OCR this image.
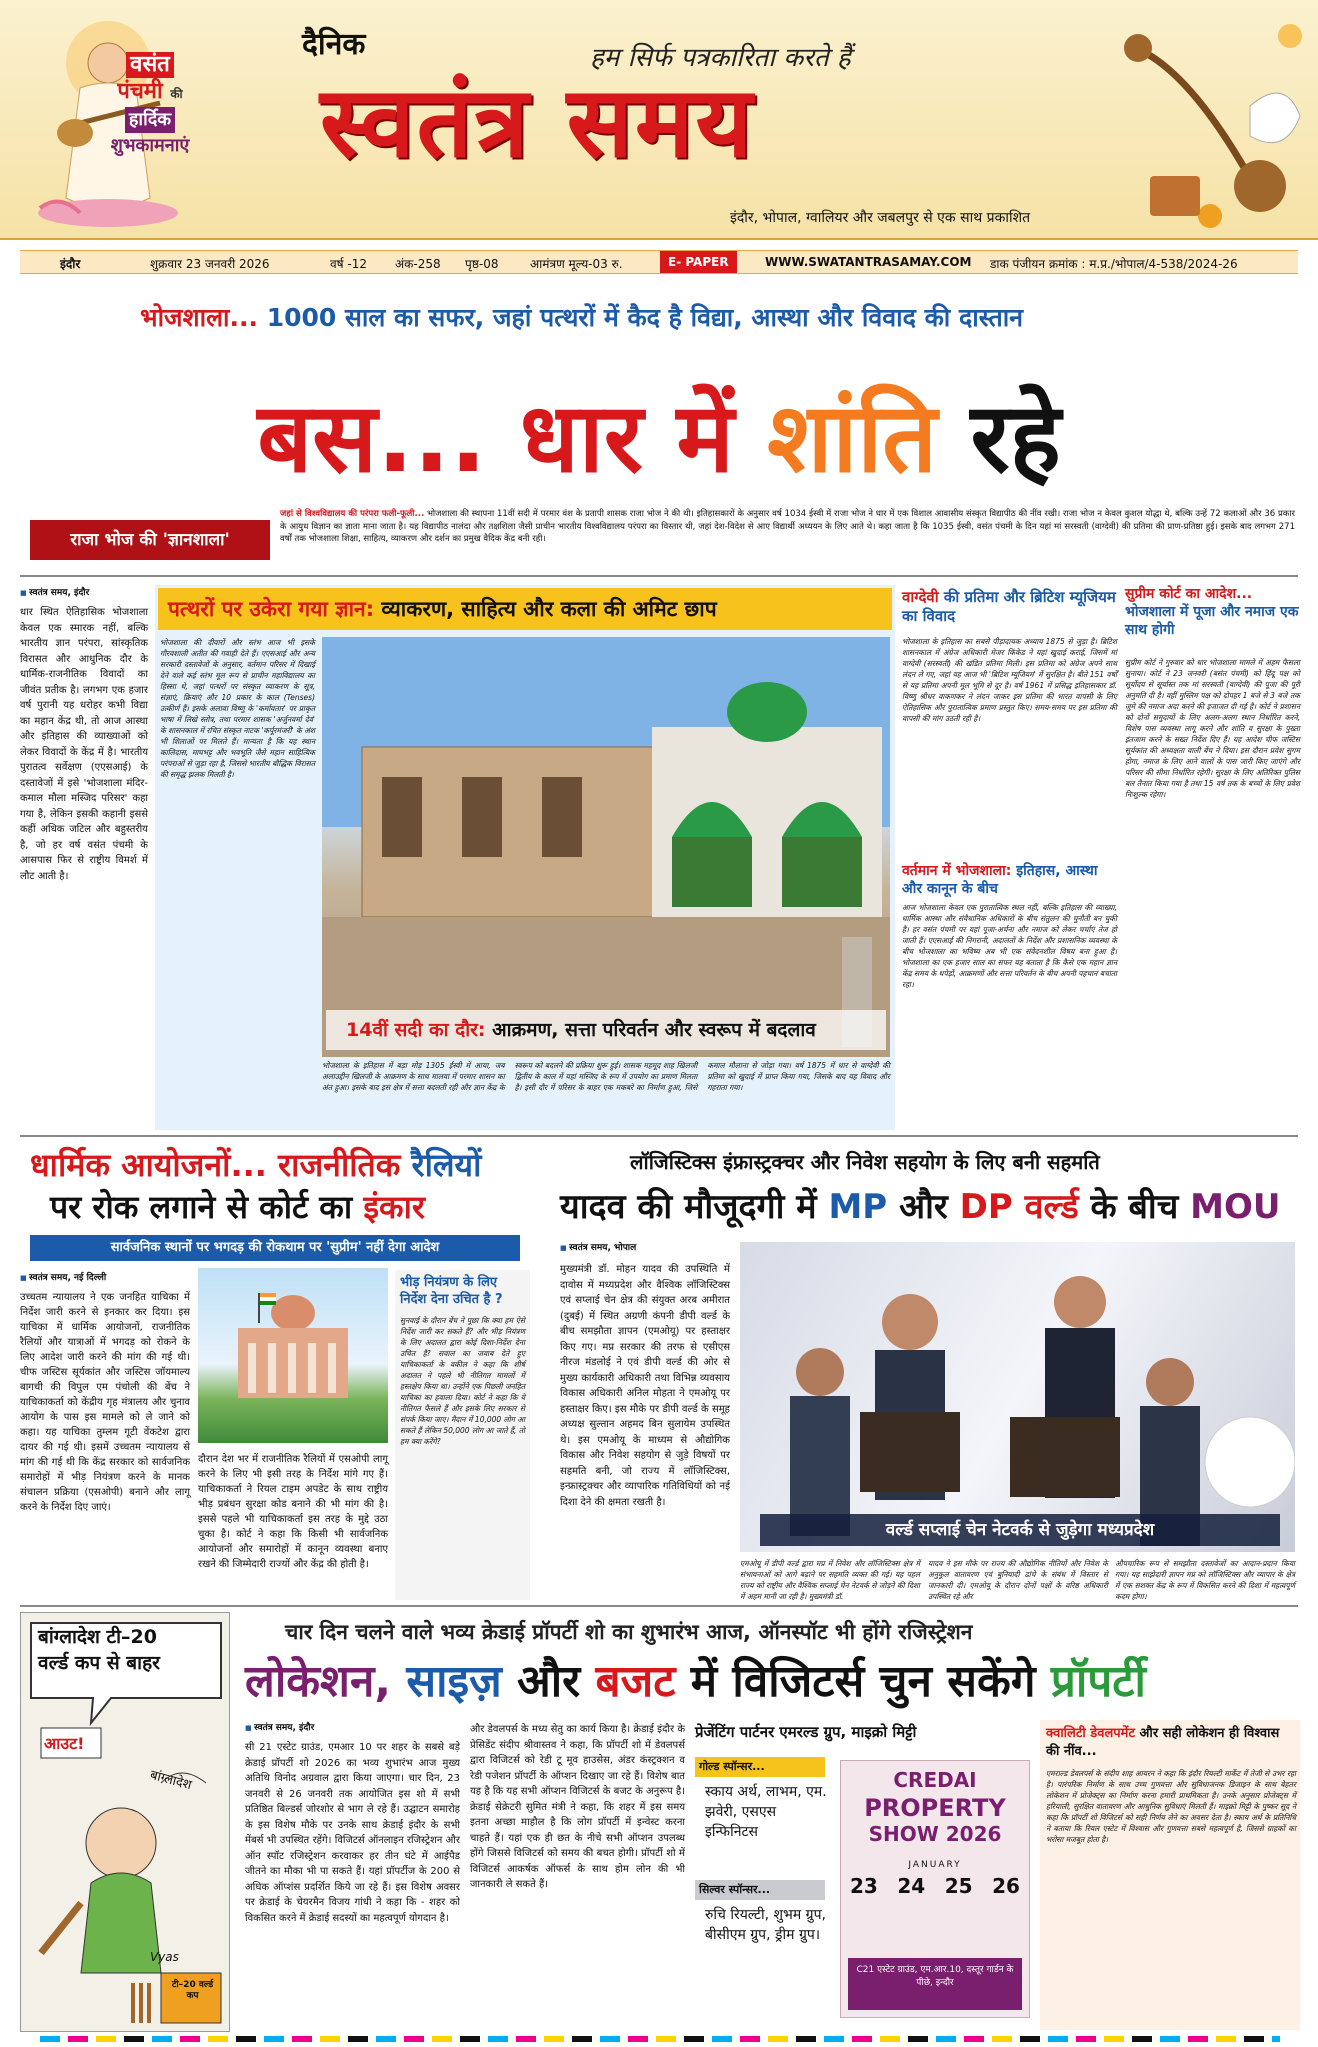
वसंत
पंचमी की
हार्दिक
शुभकामनाएं
दैनिक	हम सिर्फ पत्रकारिता करते हैं
स्वतंत्र समय
इंदौर, भोपाल, ग्वालियर और जबलपुर से एक साथ प्रकाशित
इंदौर	शुक्रवार 23 जनवरी 2026	वर्ष -12 अंक-258 पृष्ठ-08	आमंत्रण मूल्य-03 रु.	E- PAPER	WWW.SWATANTRASAMAY.COM डाक पंजीयन क्रमांक : म.प्र./भोपाल/4-538/2024-26
भोजशाला... 1000 साल का सफर, जहां पत्थरों में कैद है विद्या, आस्था और विवाद की दास्तान
बस... धार में शांति रहे
राजा भोज की 'ज्ञानशाला'
जहां से विश्वविद्यालय की परंपरा फली-फूली... भोजशाला की स्थापना 11वीं सदी में परमार वंश के प्रतापी शासक राजा भोज ने की थी। इतिहासकारों के अनुसार वर्ष 1034 ईस्वी में राजा भोज ने धार में एक विशाल आवासीय संस्कृत विद्यापीठ की नींव रखी। राजा भोज न केवल कुशल योद्धा थे, बल्कि उन्हें 72 कलाओं और 36 प्रकार के आयुध विज्ञान का ज्ञाता माना जाता है। यह विद्यापीठ नालंदा और तक्षशिला जैसी प्राचीन भारतीय विश्वविद्यालय परंपरा का विस्तार थी, जहां देश-विदेश से आए विद्यार्थी अध्ययन के लिए आते थे। कहा जाता है कि 1035 ईस्वी, वसंत पंचमी के दिन यहां मां सरस्वती (वाग्देवी) की प्रतिमा की प्राण-प्रतिष्ठा हुई। इसके बाद लगभग 271 वर्षों तक भोजशाला शिक्षा, साहित्य, व्याकरण और दर्शन का प्रमुख वैदिक केंद्र बनी रही।
■ स्वतंत्र समय, इंदौर
धार स्थित ऐतिहासिक भोजशाला केवल एक स्मारक नहीं, बल्कि भारतीय ज्ञान परंपरा, सांस्कृतिक विरासत और आधुनिक दौर के धार्मिक-राजनीतिक विवादों का जीवंत प्रतीक है। लगभग एक हजार वर्ष पुरानी यह धरोहर कभी विद्या का महान केंद्र थी, तो आज आस्था और इतिहास की व्याख्याओं को लेकर विवादों के केंद्र में है। भारतीय पुरातत्व सर्वेक्षण (एएसआई) के दस्तावेजों में इसे 'भोजशाला मंदिर-कमाल मौला मस्जिद परिसर' कहा गया है, लेकिन इसकी कहानी इससे कहीं अधिक जटिल और बहुस्तरीय है, जो हर वर्ष वसंत पंचमी के आसपास फिर से राष्ट्रीय विमर्श में लौट आती है।
पत्थरों पर उकेरा गया ज्ञान: व्याकरण, साहित्य और कला की अमिट छाप
भोजशाला की दीवारों और स्तंभ आज भी इसके गौरवशाली अतीत की गवाही देते हैं। एएसआई और अन्य सरकारी दस्तावेजों के अनुसार, वर्तमान परिसर में दिखाई देने वाले कई स्तंभ मूल रूप से प्राचीन महाविद्यालय का हिस्सा थे, जहां पत्थरों पर संस्कृत व्याकरण के सूत्र, संज्ञाएं, क्रियाएं और 10 प्रकार के काल (Tenses) उत्कीर्ण हैं। इसके अलावा विष्णु के 'कर्मावतार' पर प्राकृत भाषा में लिखे स्तोत्र, तथा परमार शासक 'अर्जुनवर्मा देव' के शासनकाल में रचित संस्कृत नाटक 'कर्पूरमंजरी' के अंश भी शिलाओं पर मिलते हैं। मान्यता है कि यह स्थान कालिदास, माघभट्ट और भवभूति जैसे महान साहित्यिक परंपराओं से जुड़ा रहा है, जिससे भारतीय बौद्धिक विरासत की समृद्ध झलक मिलती है।
14वीं सदी का दौर: आक्रमण, सत्ता परिवर्तन और स्वरूप में बदलाव
भोजशाला के इतिहास में बड़ा मोड़ 1305 ईस्वी में आया, जब अलाउद्दीन खिलजी के आक्रमण के साथ मालवा में परमार शासन का अंत हुआ। इसके बाद इस क्षेत्र में सत्ता बदलती रही और ज्ञान केंद्र के स्वरूप को बदलने की प्रक्रिया शुरू हुई। शासक महमूद शाह खिलजी द्वितीय के काल में यहां मस्जिद के रूप में उपयोग का प्रमाण मिलता है। इसी दौर में परिसर के बाहर एक मकबरे का निर्माण हुआ, जिसे कमाल मौलाना से जोड़ा गया। वर्ष 1875 में धार से वाग्देवी की प्रतिमा को खुदाई में प्राप्त किया गया, जिसके बाद यह विवाद और गहराता गया।
वाग्देवी की प्रतिमा और ब्रिटिश म्यूजियम का विवाद
भोजशाला के इतिहास का सबसे पीड़ादायक अध्याय 1875 से जुड़ा है। ब्रिटिश शासनकाल में अंग्रेज अधिकारी मेजर किंकेड ने यहां खुदाई कराई, जिसमें मां वाग्देवी (सरस्वती) की खंडित प्रतिमा मिली। इस प्रतिमा को अंग्रेज अपने साथ लंदन ले गए, जहां यह आज भी 'ब्रिटिश म्यूजियम' में सुरक्षित है। बीते 151 वर्षों से यह प्रतिमा अपनी मूल भूमि से दूर है। वर्ष 1961 में प्रसिद्ध इतिहासकार डॉ. विष्णु श्रीधर वाकणकर ने लंदन जाकर इस प्रतिमा की भारत वापसी के लिए ऐतिहासिक और पुरातात्विक प्रमाण प्रस्तुत किए। समय-समय पर इस प्रतिमा की वापसी की मांग उठती रही है।
वर्तमान में भोजशाला: इतिहास, आस्था और कानून के बीच
आज भोजशाला केवल एक पुरातात्विक स्थल नहीं, बल्कि इतिहास की व्याख्या, धार्मिक आस्था और संवैधानिक अधिकारों के बीच संतुलन की चुनौती बन चुकी है। हर वसंत पंचमी पर यहां पूजा-अर्चना और नमाज को लेकर चर्चाएं तेज हो जाती हैं। एएसआई की निगरानी, अदालतों के निर्देश और प्रशासनिक व्यवस्था के बीच भोजशाला का भविष्य अब भी एक संवेदनशील विषय बना हुआ है। भोजशाला का एक हजार साल का सफर यह बताता है कि कैसे एक महान ज्ञान केंद्र समय के थपेड़ों, आक्रमणों और सत्ता परिवर्तन के बीच अपनी पहचान बचाता रहा।
सुप्रीम कोर्ट का आदेश...
भोजशाला में पूजा और नमाज एक साथ होगी
सुप्रीम कोर्ट ने गुरुवार को धार भोजशाला मामले में अहम फैसला सुनाया। कोर्ट ने 23 जनवरी (बसंत पंचमी) को हिंदू पक्ष को सूर्योदय से सूर्यास्त तक मां सरस्वती (वाग्देवी) की पूजा की पूरी अनुमति दी है। वहीं मुस्लिम पक्ष को दोपहर 1 बजे से 3 बजे तक जुमे की नमाज अदा करने की इजाजत दी गई है। कोर्ट ने प्रशासन को दोनों समुदायों के लिए अलग-अलग स्थान निर्धारित करने, विशेष पास व्यवस्था लागू करने और शांति व सुरक्षा के पुख्ता इंतजाम करने के सख्त निर्देश दिए हैं। यह आदेश चीफ जस्टिस सूर्यकांत की अध्यक्षता वाली बेंच ने दिया। इस दौरान प्रवेश सुगम होगा, नमाज के लिए आने वालों के पास जारी किए जाएंगे और परिसर की सीमा निर्धारित रहेगी। सुरक्षा के लिए अतिरिक्त पुलिस बल तैनात किया गया है तथा 15 वर्ष तक के बच्चों के लिए प्रवेश निःशुल्क रहेगा।
धार्मिक आयोजनों... राजनीतिक रैलियों
पर रोक लगाने से कोर्ट का इंकार
सार्वजनिक स्थानों पर भगदड़ की रोकथाम पर 'सुप्रीम' नहीं देगा आदेश
■ स्वतंत्र समय, नई दिल्ली
उच्चतम न्यायालय ने एक जनहित याचिका में निर्देश जारी करने से इनकार कर दिया। इस याचिका में धार्मिक आयोजनों, राजनीतिक रैलियों और यात्राओं में भगदड़ को रोकने के लिए आदेश जारी करने की मांग की गई थी। चीफ जस्टिस सूर्यकांत और जस्टिस जॉयमाल्य बागची की विपुल एम पंचोली की बेंच ने याचिकाकर्ता को केंद्रीय गृह मंत्रालय और चुनाव आयोग के पास इस मामले को ले जाने को कहा। यह याचिका तुम्लम गूटी वेंकटेश द्वारा दायर की गई थी। इसमें उच्चतम न्यायालय से मांग की गई थी कि केंद्र सरकार को सार्वजनिक समारोहों में भीड़ नियंत्रण करने के मानक संचालन प्रक्रिया (एसओपी) बनाने और लागू करने के निर्देश दिए जाएं।
दौरान देश भर में राजनीतिक रैलियों में एसओपी लागू करने के लिए भी इसी तरह के निर्देश मांगे गए हैं। याचिकाकर्ता ने रियल टाइम अपडेट के साथ राष्ट्रीय भीड़ प्रबंधन सुरक्षा कोड बनाने की भी मांग की है। इससे पहले भी याचिकाकर्ता इस तरह के मुद्दे उठा चुका है। कोर्ट ने कहा कि किसी भी सार्वजनिक आयोजनों और समारोहों में कानून व्यवस्था बनाए रखने की जिम्मेदारी राज्यों और केंद्र की होती है।
भीड़ नियंत्रण के लिए निर्देश देना उचित है ?
सुनवाई के दौरान बेंच ने पूछा कि क्या हम ऐसे निर्देश जारी कर सकते हैं? और भीड़ नियंत्रण के लिए अदालत द्वारा कोई दिशा-निर्देश देना उचित है? सवाल का जवाब देते हुए याचिकाकर्ता के वकील ने कहा कि शीर्ष अदालत ने पहले भी नीतिगत मामलों में हस्तक्षेप किया था। उन्होंने एक पिछली जनहित याचिका का हवाला दिया। कोर्ट ने कहा कि ये नीतिगत फैसले हैं और इसके लिए सरकार से संपर्क किया जाए। मैदान में 10,000 लोग आ सकते हैं लेकिन 50,000 लोग आ जाते हैं, तो हम क्या करेंगे?
लॉजिस्टिक्स इंफ्रास्ट्रक्चर और निवेश सहयोग के लिए बनी सहमति
यादव की मौजूदगी में MP और DP वर्ल्ड के बीच MOU
■ स्वतंत्र समय, भोपाल
मुख्यमंत्री डॉ. मोहन यादव की उपस्थिति में दावोस में मध्यप्रदेश और वैश्विक लॉजिस्टिक्स एवं सप्लाई चेन क्षेत्र की संयुक्त अरब अमीरात (दुबई) में स्थित अग्रणी कंपनी डीपी वर्ल्ड के बीच समझौता ज्ञापन (एमओयू) पर हस्ताक्षर किए गए। मप्र सरकार की तरफ से एसीएस नीरज मंडलोई ने एवं डीपी वर्ल्ड की ओर से मुख्य कार्यकारी अधिकारी तथा विभिन्न व्यवसाय विकास अधिकारी अनिल मोहता ने एमओयू पर हस्ताक्षर किए। इस मौके पर डीपी वर्ल्ड के समूह अध्यक्ष सुल्तान अहमद बिन सुलायेम उपस्थित थे। इस एमओयू के माध्यम से औद्योगिक विकास और निवेश सहयोग से जुड़े विषयों पर सहमति बनी, जो राज्य में लॉजिस्टिक्स, इन्फ्रास्ट्रक्चर और व्यापारिक गतिविधियों को नई दिशा देने की क्षमता रखती है।
वर्ल्ड सप्लाई चेन नेटवर्क से जुड़ेगा मध्यप्रदेश
एमओयू में डीपी वर्ल्ड द्वारा मप्र में निवेश और लॉजिस्टिक्स क्षेत्र में संभावनाओं को आगे बढ़ाने पर सहमति व्यक्त की गई। यह पहल राज्य को राष्ट्रीय और वैश्विक सप्लाई चेन नेटवर्क से जोड़ने की दिशा में अहम मानी जा रही है। मुख्यमंत्री डॉ.
यादव ने इस मौके पर राज्य की औद्योगिक नीतियों और निवेश के अनुकूल वातावरण एवं बुनियादी ढांचे के संबंध में विस्तार से जानकारी दी। एमओयू के दौरान दोनों पक्षों के वरिष्ठ अधिकारी उपस्थित रहे और
औपचारिक रूप से समझौता दस्तावेजों का आदान-प्रदान किया गया। यह साझेदारी ज्ञापन मप्र को लॉजिस्टिक्स और व्यापार के क्षेत्र में एक सशक्त केंद्र के रूप में विकसित करने की दिशा में महत्वपूर्ण कदम होगा।
बांग्लादेश टी–20
वर्ल्ड कप से बाहर
आउट!
बांग्लादेश
टी–20 वर्ल्ड कप
Vyas
चार दिन चलने वाले भव्य क्रेडाई प्रॉपर्टी शो का शुभारंभ आज, ऑनस्पॉट भी होंगे रजिस्ट्रेशन
लोकेशन, साइज़ और बजट में विजिटर्स चुन सकेंगे प्रॉपर्टी
■ स्वतंत्र समय, इंदौर
सी 21 एस्टेट ग्राउंड, एमआर 10 पर शहर के सबसे बड़े क्रेडाई प्रॉपर्टी शो 2026 का भव्य शुभारंभ आज मुख्य अतिथि विनोद अग्रवाल द्वारा किया जाएगा। चार दिन, 23 जनवरी से 26 जनवरी तक आयोजित इस शो में सभी प्रतिष्ठित बिल्डर्स जोरशोर से भाग ले रहे हैं। उद्घाटन समारोह के इस विशेष मौके पर उनके साथ क्रेडाई इंदौर के सभी मेंबर्स भी उपस्थित रहेंगे। विजिटर्स ऑनलाइन रजिस्ट्रेशन और ऑन स्पॉट रजिस्ट्रेशन करवाकर हर तीन घंटे में आईपैड जीतने का मौका भी पा सकते हैं। यहां प्रॉपर्टीज के 200 से अधिक ऑप्शंस प्रदर्शित किये जा रहे हैं। इस विशेष अवसर पर क्रेडाई के चेयरमैन विजय गांधी ने कहा कि - शहर को विकसित करने में क्रेडाई सदस्यों का महत्वपूर्ण योगदान है।
और डेवलपर्स के मध्य सेतु का कार्य किया है। क्रेडाई इंदौर के प्रेसिडेंट संदीप श्रीवास्तव ने कहा, कि प्रॉपर्टी शो में डेवलपर्स द्वारा विजिटर्स को रेडी टू मूव हाउसेस, अंडर कंस्ट्रक्शन व रेडी पजेशन प्रॉपर्टी के ऑप्शन दिखाए जा रहे हैं। विशेष बात यह है कि यह सभी ऑप्शन विजिटर्स के बजट के अनुरूप है। क्रेडाई सेक्रेटरी सुमित मंत्री ने कहा, कि शहर में इस समय इतना अच्छा माहौल है कि लोग प्रॉपर्टी में इन्वेस्ट करना चाहते हैं। यहां एक ही छत के नीचे सभी ऑप्शन उपलब्ध होंगे जिससे विजिटर्स को समय की बचत होगी। प्रॉपर्टी शो में विजिटर्स आकर्षक ऑफर्स के साथ होम लोन की भी जानकारी ले सकते हैं।
प्रेजेंटिंग पार्टनर एमरल्ड ग्रुप, माइक्रो मिट्टी
गोल्ड स्पॉन्सर...
स्काय अर्थ, लाभम, एम. झवेरी, एसएस इन्फिनिटस
सिल्वर स्पॉन्सर...
रुचि रियल्टी, शुभम ग्रुप, बीसीएम ग्रुप, ड्रीम ग्रुप।
CREDAI
PROPERTY
SHOW 2026
JANUARY
23 24 25 26
C21 एस्टेट ग्राउंड, एम.आर.10, दस्तूर गार्डन के पीछे, इन्दौर
क्वालिटी डेवलपमेंट और सही लोकेशन ही विश्वास की नींव...
एमराल्ड डेवलपर्स के संदीप शाह आयरन ने कहा कि इंदौर रियल्टी मार्केट में तेजी से उभर रहा है। पारंपरिक निर्माण के साथ उच्च गुणवत्ता और सुविधाजनक डिजाइन के साथ बेहतर लोकेशन में प्रोजेक्ट्स का निर्माण करना हमारी प्राथमिकता है। उनके अनुसार प्रोजेक्ट्स में हरियाली, सुरक्षित वातावरण और आधुनिक सुविधाएं मिलती हैं। माइक्रो मिट्टी के पुष्कर सूद ने कहा कि प्रॉपर्टी शो विजिटर्स को सही निर्णय लेने का अवसर देता है। स्काय अर्थ के प्रतिनिधि ने बताया कि रियल एस्टेट में विश्वास और गुणवत्ता सबसे महत्वपूर्ण है, जिससे ग्राहकों का भरोसा मजबूत होता है।
